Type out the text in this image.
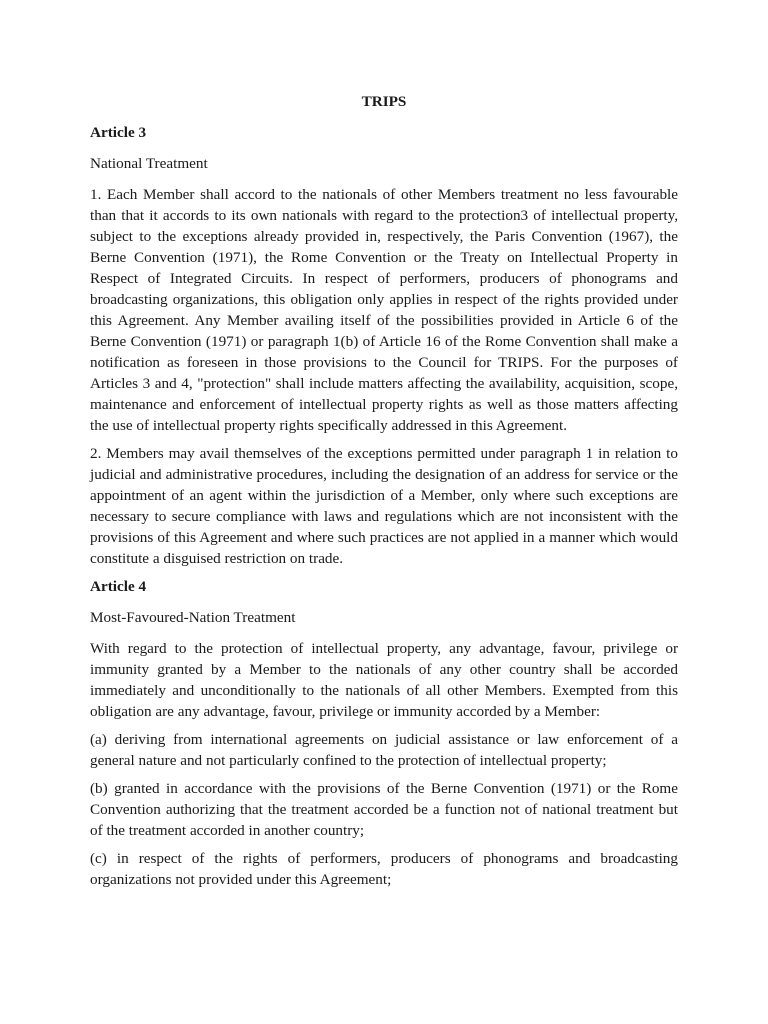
TRIPS
Article 3
National Treatment

1. Each Member shall accord to the nationals of other Members treatment no less favourable than that it accords to its own nationals with regard to the protection3 of intellectual property, subject to the exceptions already provided in, respectively, the Paris Convention (1967), the Berne Convention (1971), the Rome Convention or the Treaty on Intellectual Property in Respect of Integrated Circuits. In respect of performers, producers of phonograms and broadcasting organizations, this obligation only applies in respect of the rights provided under this Agreement. Any Member availing itself of the possibilities provided in Article 6 of the Berne Convention (1971) or paragraph 1(b) of Article 16 of the Rome Convention shall make a notification as foreseen in those provisions to the Council for TRIPS. For the purposes of Articles 3 and 4, "protection" shall include matters affecting the availability, acquisition, scope, maintenance and enforcement of intellectual property rights as well as those matters affecting the use of intellectual property rights specifically addressed in this Agreement.

2. Members may avail themselves of the exceptions permitted under paragraph 1 in relation to judicial and administrative procedures, including the designation of an address for service or the appointment of an agent within the jurisdiction of a Member, only where such exceptions are necessary to secure compliance with laws and regulations which are not inconsistent with the provisions of this Agreement and where such practices are not applied in a manner which would constitute a disguised restriction on trade.

Article 4
Most-Favoured-Nation Treatment

With regard to the protection of intellectual property, any advantage, favour, privilege or immunity granted by a Member to the nationals of any other country shall be accorded immediately and unconditionally to the nationals of all other Members. Exempted from this obligation are any advantage, favour, privilege or immunity accorded by a Member:

(a) deriving from international agreements on judicial assistance or law enforcement of a general nature and not particularly confined to the protection of intellectual property;

(b) granted in accordance with the provisions of the Berne Convention (1971) or the Rome Convention authorizing that the treatment accorded be a function not of national treatment but of the treatment accorded in another country;

(c) in respect of the rights of performers, producers of phonograms and broadcasting organizations not provided under this Agreement;
